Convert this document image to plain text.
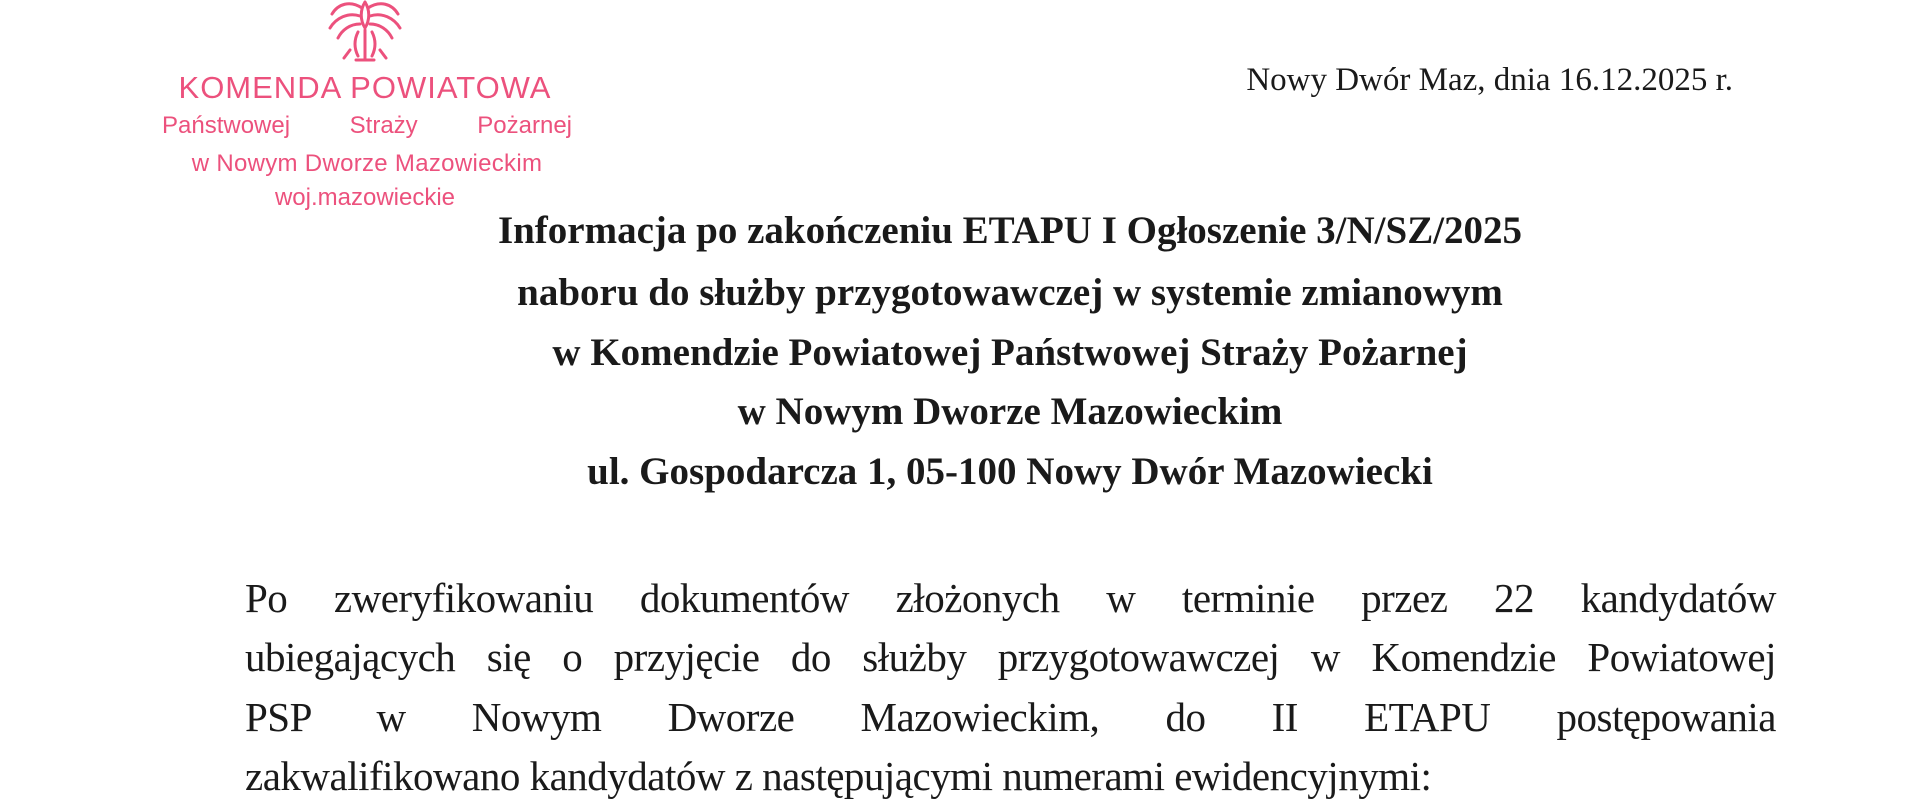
KOMENDA POWIATOWA
Państwowej Straży Pożarnej
w Nowym Dworze Mazowieckim
woj.mazowieckie
Nowy Dwór Maz, dnia 16.12.2025 r.
Informacja po zakończeniu ETAPU I Ogłoszenie 3/N/SZ/2025
naboru do służby przygotowawczej w systemie zmianowym
w Komendzie Powiatowej Państwowej Straży Pożarnej
w Nowym Dworze Mazowieckim
ul. Gospodarcza 1, 05-100 Nowy Dwór Mazowiecki
Po zweryfikowaniu dokumentów złożonych w terminie przez 22 kandydatów
ubiegających się o przyjęcie do służby przygotowawczej w Komendzie Powiatowej
PSP w Nowym Dworze Mazowieckim, do II ETAPU postępowania
zakwalifikowano kandydatów z następującymi numerami ewidencyjnymi:
